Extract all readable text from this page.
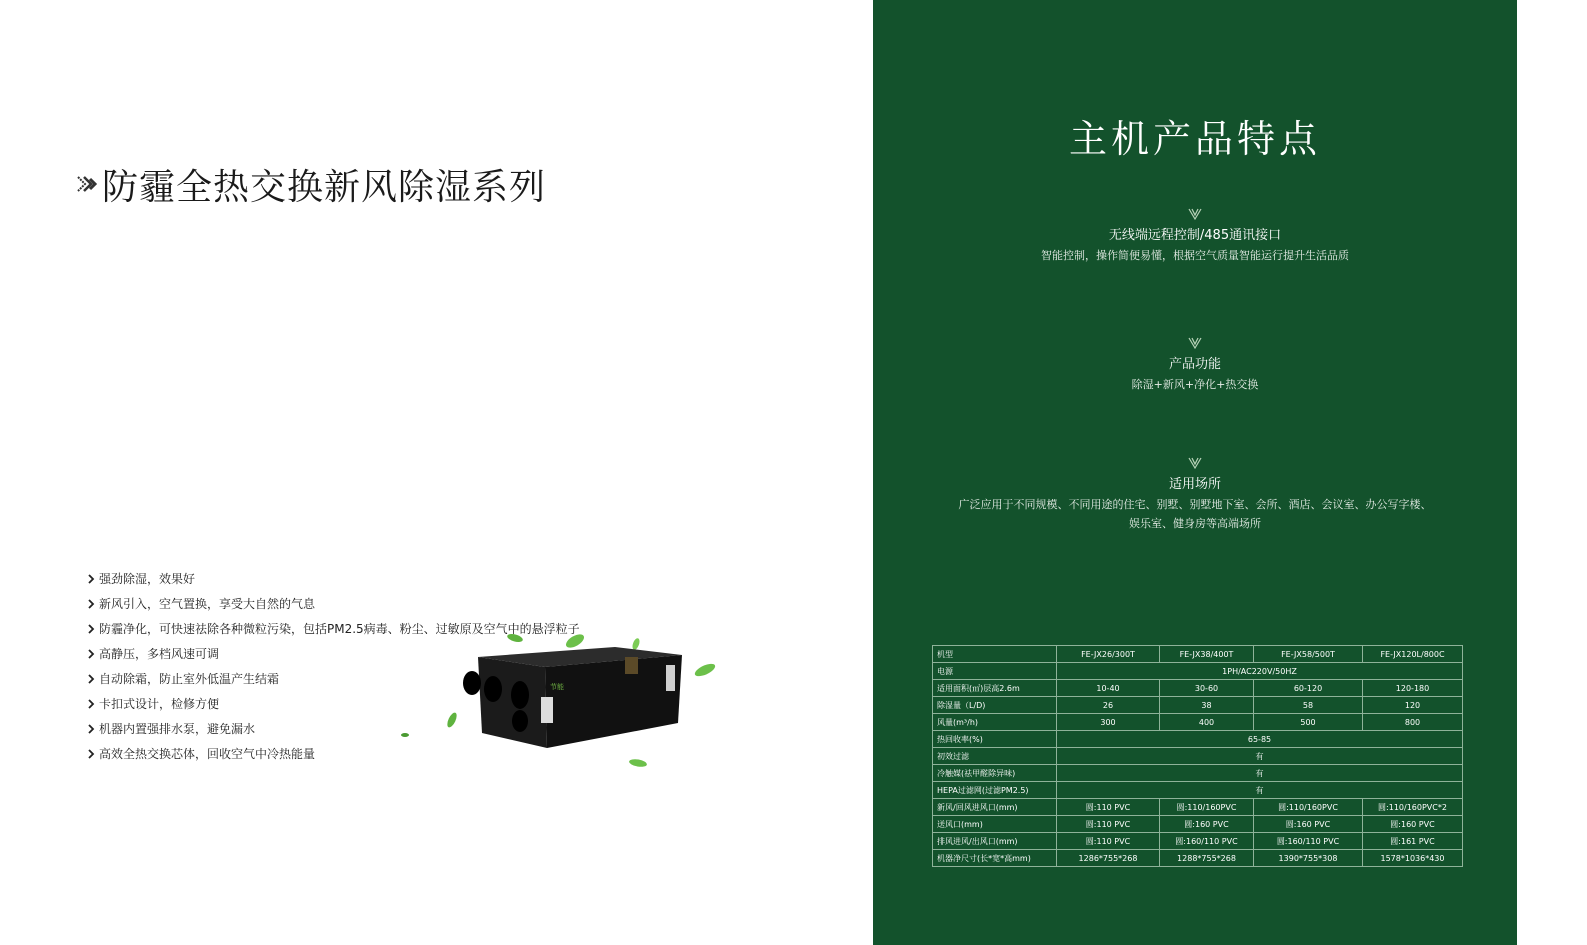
防霾全热交换新风除湿系列
强劲除湿，效果好
新风引入，空气置换，享受大自然的气息
防霾净化，可快速祛除各种微粒污染，包括PM2.5病毒、粉尘、过敏原及空气中的悬浮粒子
高静压，多档风速可调
自动除霜，防止室外低温产生结霜
卡扣式设计，检修方便
机器内置强排水泵，避免漏水
高效全热交换芯体，回收空气中冷热能量
节能
主机产品特点
无线端远程控制/485通讯接口
智能控制，操作简便易懂，根据空气质量智能运行提升生活品质
产品功能
除湿+新风+净化+热交换
适用场所
广泛应用于不同规模、不同用途的住宅、别墅、别墅地下室、会所、酒店、会议室、办公写字楼、
娱乐室、健身房等高端场所
机型	FE-JX26/300T	FE-JX38/400T	FE-JX58/500T	FE-JX120L/800C
电源	1PH/AC220V/50HZ			
适用面积(㎡)层高2.6m	10-40	30-60	60-120	120-180
除湿量（L/D)	26	38	58	120
风量(m³/h)	300	400	500	800
热回收率(%)	65-85			
初效过滤	有			
冷触媒(祛甲醛除异味)	有			
HEPA过滤网(过滤PM2.5)	有			
新风/回风进风口(mm)	圆:110 PVC	圆:110/160PVC	圆:110/160PVC	圆:110/160PVC*2
送风口(mm)	圆:110 PVC	圆:160 PVC	圆:160 PVC	圆:160 PVC
排风进风/出风口(mm)	圆:110 PVC	圆:160/110 PVC	圆:160/110 PVC	圆:161 PVC
机器净尺寸(长*宽*高mm)	1286*755*268	1288*755*268	1390*755*308	1578*1036*430
